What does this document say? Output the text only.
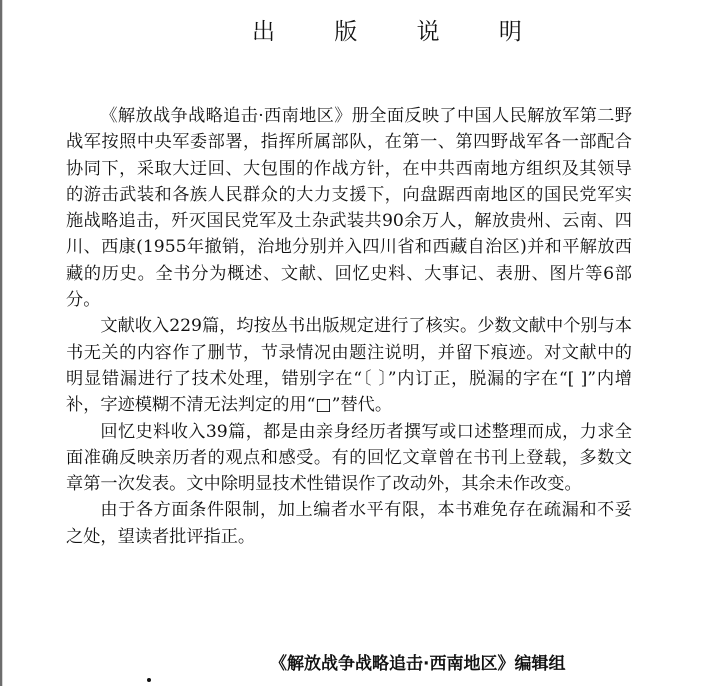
出 版 说 明

《解放战争战略追击·西南地区》册全面反映了中国人民解放军第二野战军按照中央军委部署，指挥所属部队，在第一、第四野战军各一部配合协同下，采取大迂回、大包围的作战方针，在中共西南地方组织及其领导的游击武装和各族人民群众的大力支援下，向盘踞西南地区的国民党军实施战略追击，歼灭国民党军及土杂武装共90余万人，解放贵州、云南、四川、西康(1955年撤销，治地分别并入四川省和西藏自治区)并和平解放西藏的历史。全书分为概述、文献、回忆史料、大事记、表册、图片等6部分。

文献收入229篇，均按丛书出版规定进行了核实。少数文献中个别与本书无关的内容作了删节，节录情况由题注说明，并留下痕迹。对文献中的明显错漏进行了技术处理，错别字在“〔 〕”内订正，脱漏的字在“[ ]”内增补，字迹模糊不清无法判定的用“□”替代。

回忆史料收入39篇，都是由亲身经历者撰写或口述整理而成，力求全面准确反映亲历者的观点和感受。有的回忆文章曾在书刊上登载，多数文章第一次发表。文中除明显技术性错误作了改动外，其余未作改变。

由于各方面条件限制，加上编者水平有限，本书难免存在疏漏和不妥之处，望读者批评指正。

《解放战争战略追击·西南地区》编辑组
